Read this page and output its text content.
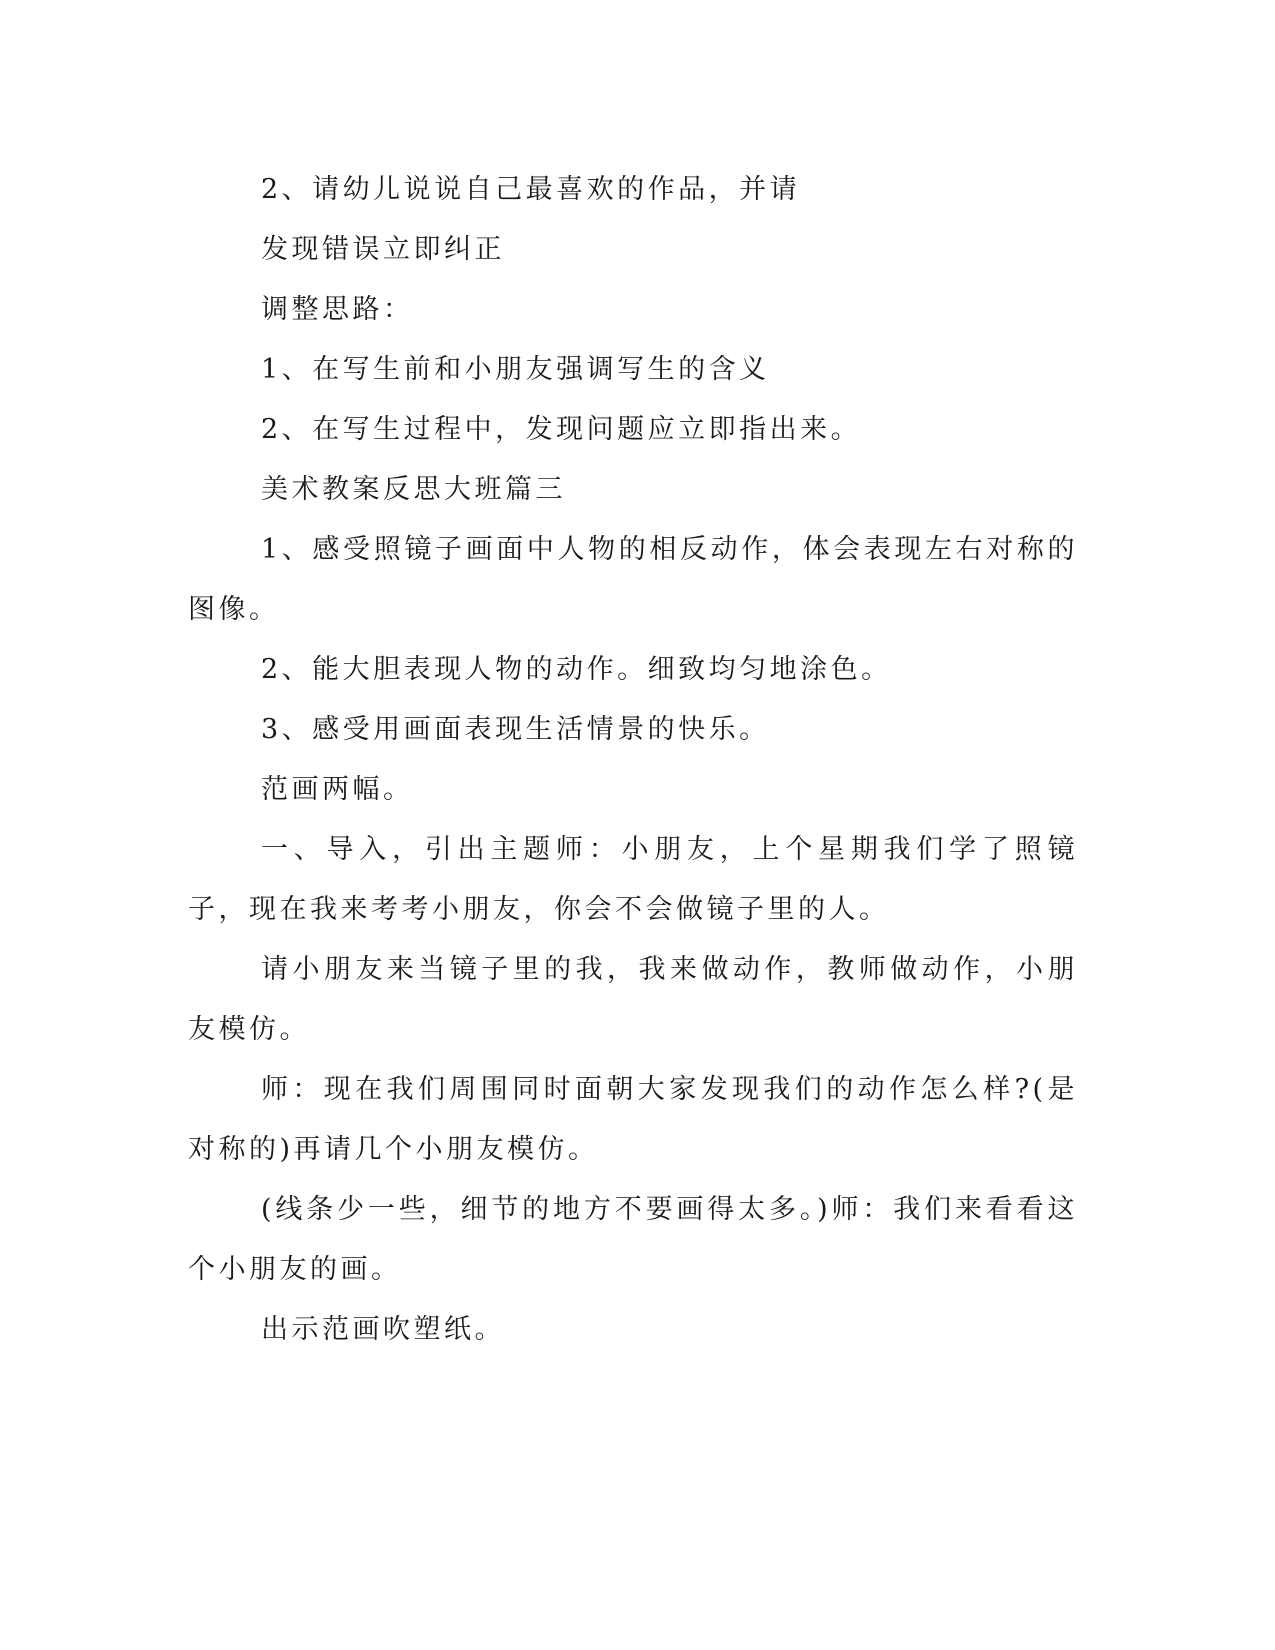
2、请幼儿说说自己最喜欢的作品，并请

发现错误立即纠正

调整思路：

1、在写生前和小朋友强调写生的含义

2、在写生过程中，发现问题应立即指出来。

美术教案反思大班篇三

1、感受照镜子画面中人物的相反动作，体会表现左右对称的图像。

2、能大胆表现人物的动作。细致均匀地涂色。

3、感受用画面表现生活情景的快乐。

范画两幅。

一、导入，引出主题师：小朋友，上个星期我们学了照镜子，现在我来考考小朋友，你会不会做镜子里的人。

请小朋友来当镜子里的我，我来做动作，教师做动作，小朋友模仿。

师：现在我们周围同时面朝大家发现我们的动作怎么样?(是对称的)再请几个小朋友模仿。

(线条少一些，细节的地方不要画得太多。)师：我们来看看这个小朋友的画。

出示范画吹塑纸。
